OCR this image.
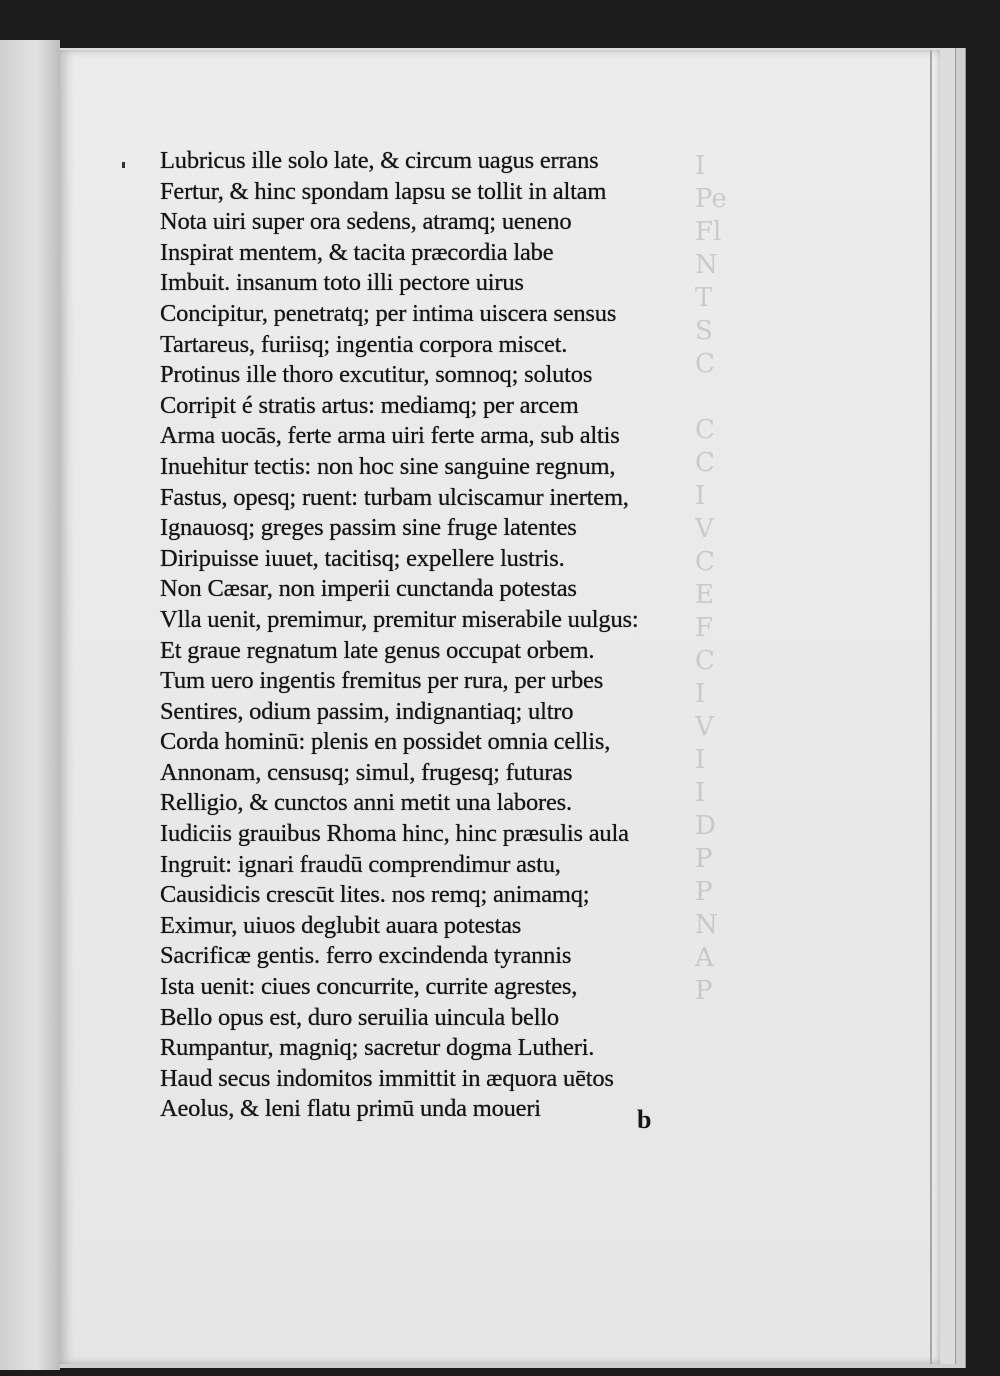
I
Pe
Fl
N
T
S
C

C
C
I
V
C
E
F
C
I
V
I
I
D
P
P
N
A
P
Lubricus ille solo late, & circum uagus errans
Fertur, & hinc spondam lapsu se tollit in altam
Nota uiri super ora sedens, atramq; ueneno
Inspirat mentem, & tacita præcordia labe
Imbuit. insanum toto illi pectore uirus
Concipitur, penetratq; per intima uiscera sensus
Tartareus, furiisq; ingentia corpora miscet.
Protinus ille thoro excutitur, somnoq; solutos
Corripit é stratis artus: mediamq; per arcem
Arma uocās, ferte arma uiri ferte arma, sub altis
Inuehitur tectis: non hoc sine sanguine regnum,
Fastus, opesq; ruent: turbam ulciscamur inertem,
Ignauosq; greges passim sine fruge latentes
Diripuisse iuuet, tacitisq; expellere lustris.
Non Cæsar, non imperii cunctanda potestas
Vlla uenit, premimur, premitur miserabile uulgus:
Et graue regnatum late genus occupat orbem.
Tum uero ingentis fremitus per rura, per urbes
Sentires, odium passim, indignantiaq; ultro
Corda hominū: plenis en possidet omnia cellis,
Annonam, censusq; simul, frugesq; futuras
Relligio, & cunctos anni metit una labores.
Iudiciis grauibus Rhoma hinc, hinc præsulis aula
Ingruit: ignari fraudū comprendimur astu,
Causidicis crescūt lites. nos remq; animamq;
Eximur, uiuos deglubit auara potestas
Sacrificæ gentis. ferro excindenda tyrannis
Ista uenit: ciues concurrite, currite agrestes,
Bello opus est, duro seruilia uincula bello
Rumpantur, magniq; sacretur dogma Lutheri.
Haud secus indomitos immittit in æquora uētos
Aeolus, & leni flatu primū unda moueri	b
